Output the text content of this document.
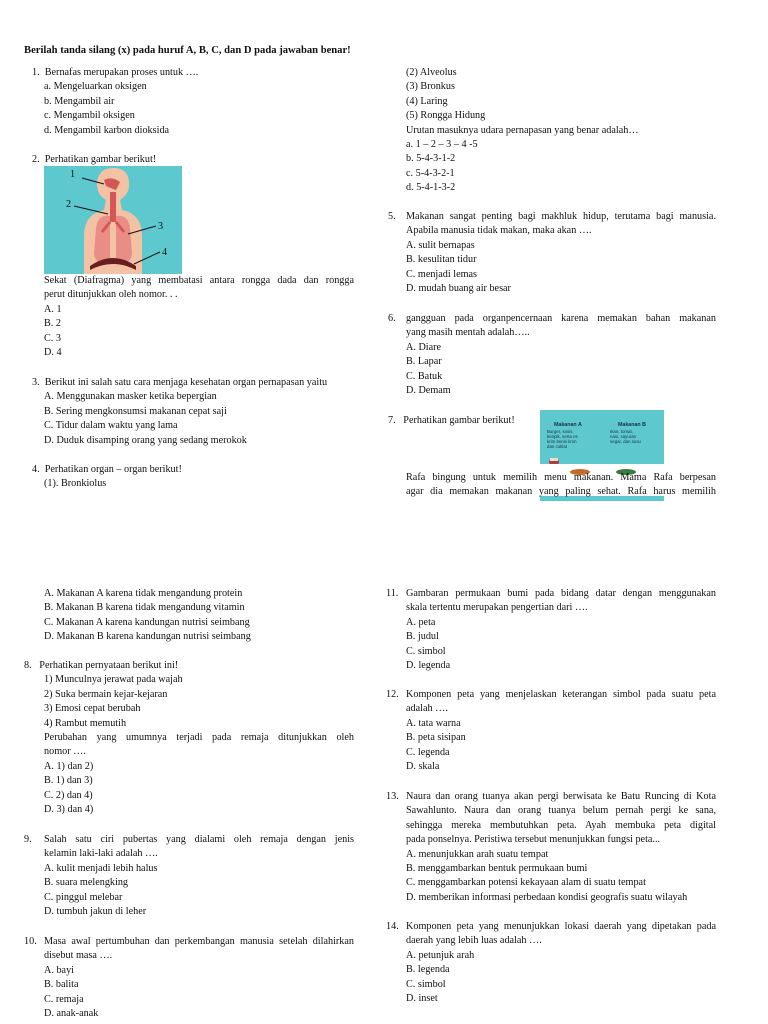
Berilah tanda silang (x) pada huruf A, B, C, dan D pada jawaban benar!
1. Bernafas merupakan proses untuk ….
a. Mengeluarkan oksigen
b. Mengambil air
c. Mengambil oksigen
d. Mengambil karbon dioksida
2. Perhatikan gambar berikut!
1
2
3
4
Sekat (Diafragma) yang membatasi antara rongga dada dan rongga
perut ditunjukkan oleh nomor. . .
A. 1
B. 2
C. 3
D. 4
3. Berikut ini salah satu cara menjaga kesehatan organ pernapasan yaitu
A. Menggunakan masker ketika bepergian
B. Sering mengkonsumsi makanan cepat saji
C. Tidur dalam waktu yang lama
D. Duduk disamping orang yang sedang merokok
4. Perhatikan organ – organ berikut!
(1). Bronkiolus
(2) Alveolus
(3) Bronkus
(4) Laring
(5) Rongga Hidung
Urutan masuknya udara pernapasan yang benar adalah…
a. 1 – 2 – 3 – 4 -5
b. 5-4-3-1-2
c. 5-4-3-2-1
d. 5-4-1-3-2
5.	Makanan sangat penting bagi makhluk hidup, terutama bagi manusia.
Apabila manusia tidak makan, maka akan ….
A. sulit bernapas
B. kesulitan tidur
C. menjadi lemas
D. mudah buang air besar
6.	gangguan pada organpencernaan karena memakan bahan makanan
yang masih mentah adalah…..
A. Diare
B. Lapar
C. Batuk
D. Demam
7. Perhatikan gambar berikut!	Makanan A	Makanan B
Burger, sosis,
keripik, serta es
krim berisi krim
dan coklat
Ikan, tomat,
nasi, sayuran
segar, dan susu
Rafa bingung untuk memilih menu makanan. Mama Rafa berpesan
agar dia memakan makanan yang paling sehat. Rafa harus memilih
A. Makanan A karena tidak mengandung protein
B. Makanan B karena tidak mengandung vitamin
C. Makanan A karena kandungan nutrisi seimbang
D. Makanan B karena kandungan nutrisi seimbang
8. Perhatikan pernyataan berikut ini!
1) Munculnya jerawat pada wajah
2) Suka bermain kejar-kejaran
3) Emosi cepat berubah
4) Rambut memutih
Perubahan yang umumnya terjadi pada remaja ditunjukkan oleh
nomor ….
A. 1) dan 2)
B. 1) dan 3)
C. 2) dan 4)
D. 3) dan 4)
9.	Salah satu ciri pubertas yang dialami oleh remaja dengan jenis
kelamin laki-laki adalah ….
A. kulit menjadi lebih halus
B. suara melengking
C. pinggul melebar
D. tumbuh jakun di leher
10. Masa awal pertumbuhan dan perkembangan manusia setelah dilahirkan
disebut masa ….
A. bayi
B. balita
C. remaja
D. anak-anak
11. Gambaran permukaan bumi pada bidang datar dengan menggunakan
skala tertentu merupakan pengertian dari ….
A. peta
B. judul
C. simbol
D. legenda
12. Komponen peta yang menjelaskan keterangan simbol pada suatu peta
adalah ….
A. tata warna
B. peta sisipan
C. legenda
D. skala
13. Naura dan orang tuanya akan pergi berwisata ke Batu Runcing di Kota
Sawahlunto. Naura dan orang tuanya belum pernah pergi ke sana,
sehingga mereka membutuhkan peta. Ayah membuka peta digital
pada ponselnya. Peristiwa tersebut menunjukkan fungsi peta...
A. menunjukkan arah suatu tempat
B. menggambarkan bentuk permukaan bumi
C. menggambarkan potensi kekayaan alam di suatu tempat
D. memberikan informasi perbedaan kondisi geografis suatu wilayah
14. Komponen peta yang menunjukkan lokasi daerah yang dipetakan pada
daerah yang lebih luas adalah ….
A. petunjuk arah
B. legenda
C. simbol
D. inset
